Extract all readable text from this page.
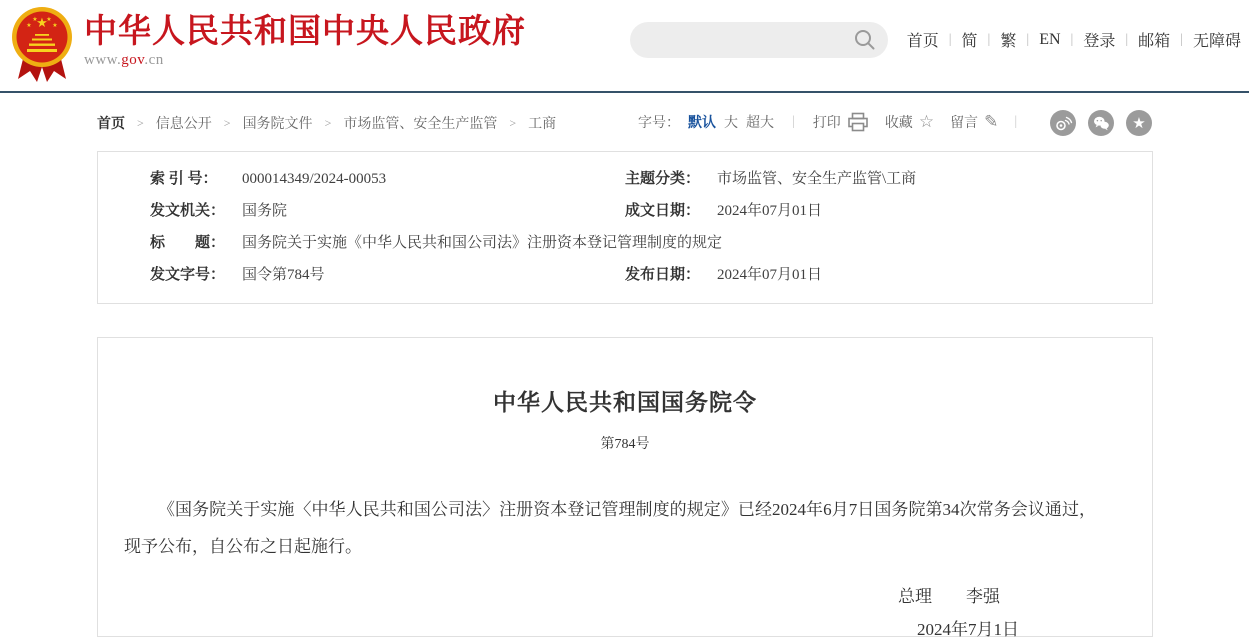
★
★
★ ★
★ 中华人民共和国中央人民政府
www.gov.cn
首页 | 简 | 繁 | EN | 登录 | 邮箱 | 无障碍
首页 > 信息公开 > 国务院文件 > 市场监管、安全生产监管 > 工商	字号： 默认 大 超大 | 打印	收藏 ☆ 留言 ✎ |	★
索 引 号：	000014349/2024-00053	主题分类：	市场监管、安全生产监管\工商
发文机关：	国务院	成文日期：	2024年07月01日
标　　题：	国务院关于实施《中华人民共和国公司法》注册资本登记管理制度的规定
发文字号：	国令第784号	发布日期：	2024年07月01日
中华人民共和国国务院令
第784号

《国务院关于实施〈中华人民共和国公司法〉注册资本登记管理制度的规定》已经2024年6月7日国务院第34次常务会议通过，现予公布，自公布之日起施行。

总理 李强
2024年7月1日
